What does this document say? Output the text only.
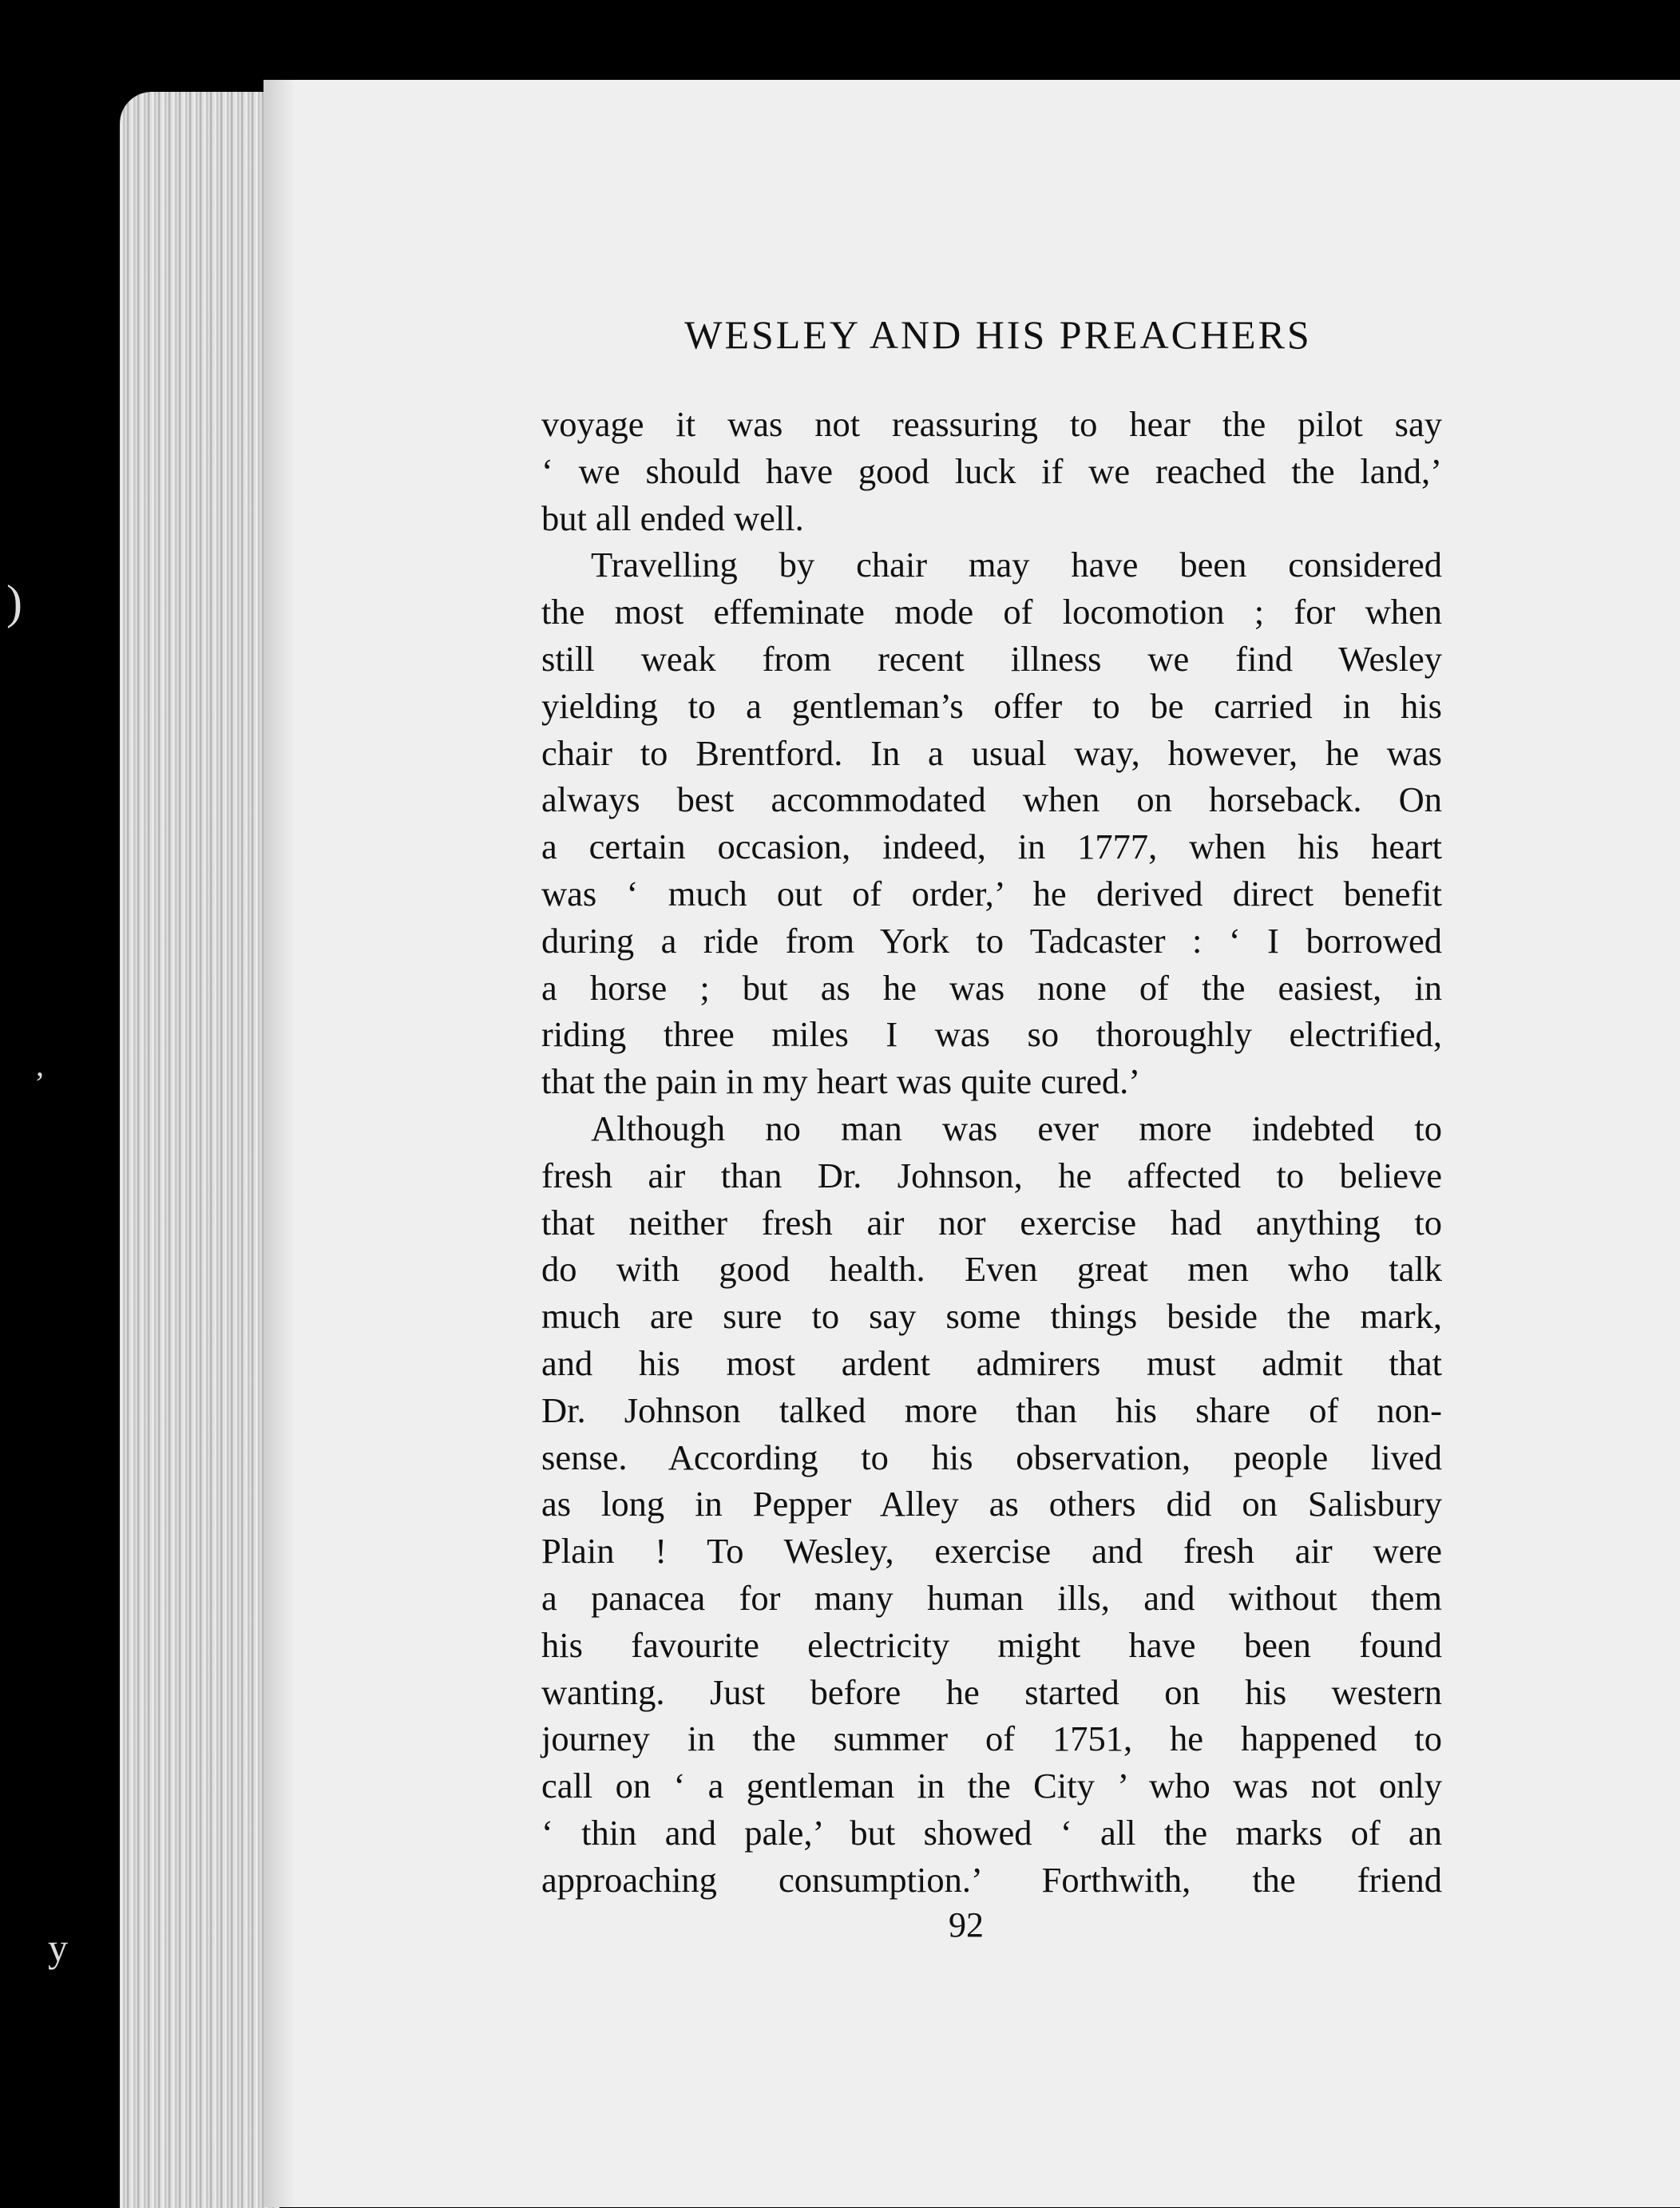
)
,
y
WESLEY AND HIS PREACHERS
voyage it was not reassuring to hear the pilot say
‘ we should have good luck if we reached the land,’
but all ended well.
Travelling by chair may have been considered
the most effeminate mode of locomotion ; for when
still weak from recent illness we find Wesley
yielding to a gentleman’s offer to be carried in his
chair to Brentford. In a usual way, however, he was
always best accommodated when on horseback. On
a certain occasion, indeed, in 1777, when his heart
was ‘ much out of order,’ he derived direct benefit
during a ride from York to Tadcaster : ‘ I borrowed
a horse ; but as he was none of the easiest, in
riding three miles I was so thoroughly electrified,
that the pain in my heart was quite cured.’
Although no man was ever more indebted to
fresh air than Dr. Johnson, he affected to believe
that neither fresh air nor exercise had anything to
do with good health. Even great men who talk
much are sure to say some things beside the mark,
and his most ardent admirers must admit that
Dr. Johnson talked more than his share of non-
sense. According to his observation, people lived
as long in Pepper Alley as others did on Salisbury
Plain ! To Wesley, exercise and fresh air were
a panacea for many human ills, and without them
his favourite electricity might have been found
wanting. Just before he started on his western
journey in the summer of 1751, he happened to
call on ‘ a gentleman in the City ’ who was not only
‘ thin and pale,’ but showed ‘ all the marks of an
approaching consumption.’ Forthwith, the friend
92
